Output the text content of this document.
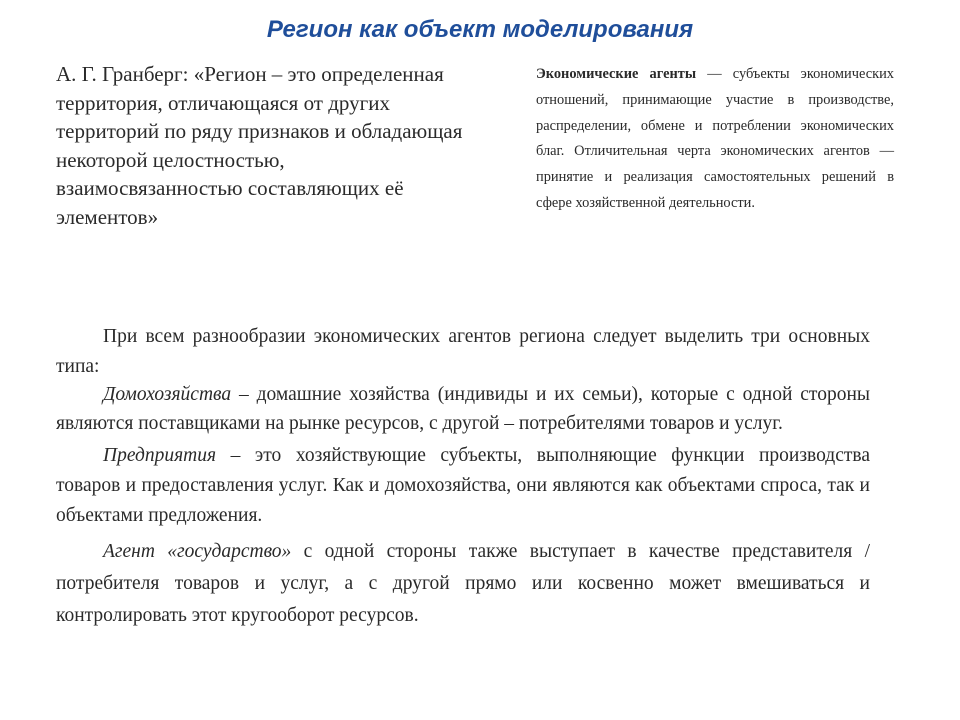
Регион как объект моделирования

А. Г. Гранберг: «Регион – это определенная территория, отличающаяся от других территорий по ряду признаков и обладающая некоторой целостностью, взаимосвязанностью составляющих её элементов»

Экономические агенты — субъекты экономических отношений, принимающие участие в производстве, распределении, обмене и потреблении экономических благ. Отличительная черта экономических агентов — принятие и реализация самостоятельных решений в сфере хозяйственной деятельности.

При всем разнообразии экономических агентов региона следует выделить три основных типа:

Домохозяйства – домашние хозяйства (индивиды и их семьи), которые с одной стороны являются поставщиками на рынке ресурсов, с другой – потребителями товаров и услуг.

Предприятия – это хозяйствующие субъекты, выполняющие функции производства товаров и предоставления услуг. Как и домохозяйства, они являются как объектами спроса, так и объектами предложения.

Агент «государство» с одной стороны также выступает в качестве представителя / потребителя товаров и услуг, а с другой прямо или косвенно может вмешиваться и контролировать этот кругооборот ресурсов.
